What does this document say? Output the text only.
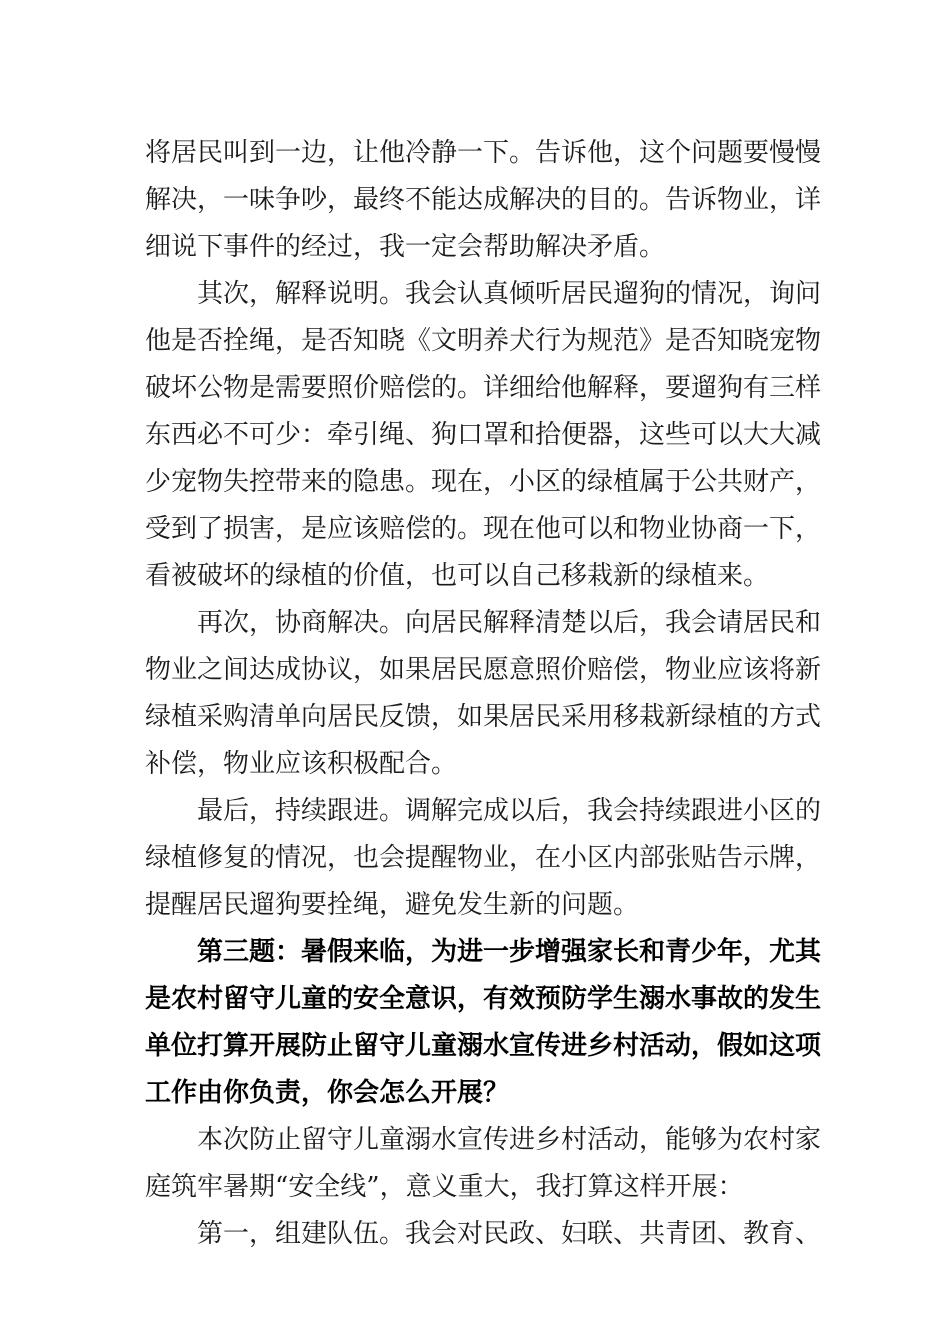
将居民叫到一边，让他冷静一下。告诉他，这个问题要慢慢
解决，一味争吵，最终不能达成解决的目的。告诉物业，详
细说下事件的经过，我一定会帮助解决矛盾。
其次，解释说明。我会认真倾听居民遛狗的情况，询问
他是否拴绳，是否知晓《文明养犬行为规范》是否知晓宠物
破坏公物是需要照价赔偿的。详细给他解释，要遛狗有三样
东西必不可少：牵引绳、狗口罩和拾便器，这些可以大大减
少宠物失控带来的隐患。现在，小区的绿植属于公共财产，
受到了损害，是应该赔偿的。现在他可以和物业协商一下，
看被破坏的绿植的价值，也可以自己移栽新的绿植来。
再次，协商解决。向居民解释清楚以后，我会请居民和
物业之间达成协议，如果居民愿意照价赔偿，物业应该将新
绿植采购清单向居民反馈，如果居民采用移栽新绿植的方式
补偿，物业应该积极配合。
最后，持续跟进。调解完成以后，我会持续跟进小区的
绿植修复的情况，也会提醒物业，在小区内部张贴告示牌，
提醒居民遛狗要拴绳，避免发生新的问题。
第三题：暑假来临，为进一步增强家长和青少年，尤其
是农村留守儿童的安全意识，有效预防学生溺水事故的发生
单位打算开展防止留守儿童溺水宣传进乡村活动，假如这项
工作由你负责，你会怎么开展？
本次防止留守儿童溺水宣传进乡村活动，能够为农村家
庭筑牢暑期“安全线”，意义重大，我打算这样开展：
第一，组建队伍。我会对民政、妇联、共青团、教育、
